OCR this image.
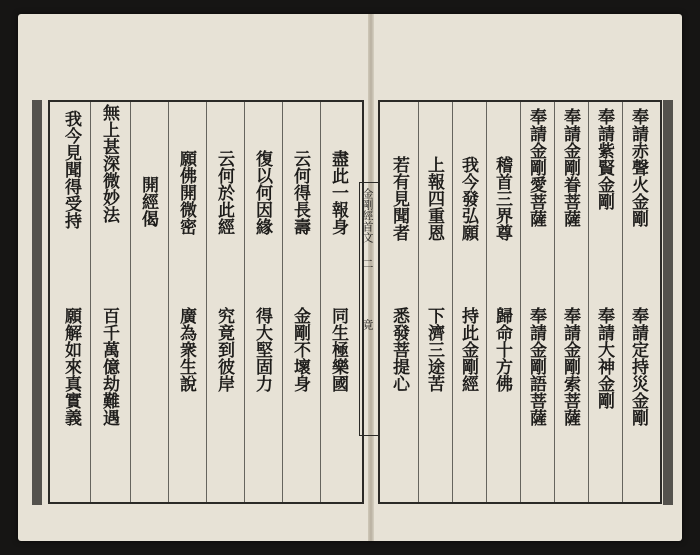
我今見聞得受持
願解如來真實義
無上甚深微妙法
百千萬億劫難遇
開經偈 願佛開微密
廣為衆生說
云何於此經
究竟到彼岸
復以何因緣
得大堅固力
云何得長壽
金剛不壞身
盡此一報身
同生極樂國
金剛經首文
二
竟
若有見聞者
悉發菩提心
上報四重恩
下濟三途苦
我今發弘願
持此金剛經
稽首三界尊
歸命十方佛
奉請金剛愛菩薩
奉請金剛語菩薩
奉請金剛眷菩薩
奉請金剛索菩薩
奉請紫賢金剛
奉請大神金剛
奉請赤聲火金剛
奉請定持災金剛
